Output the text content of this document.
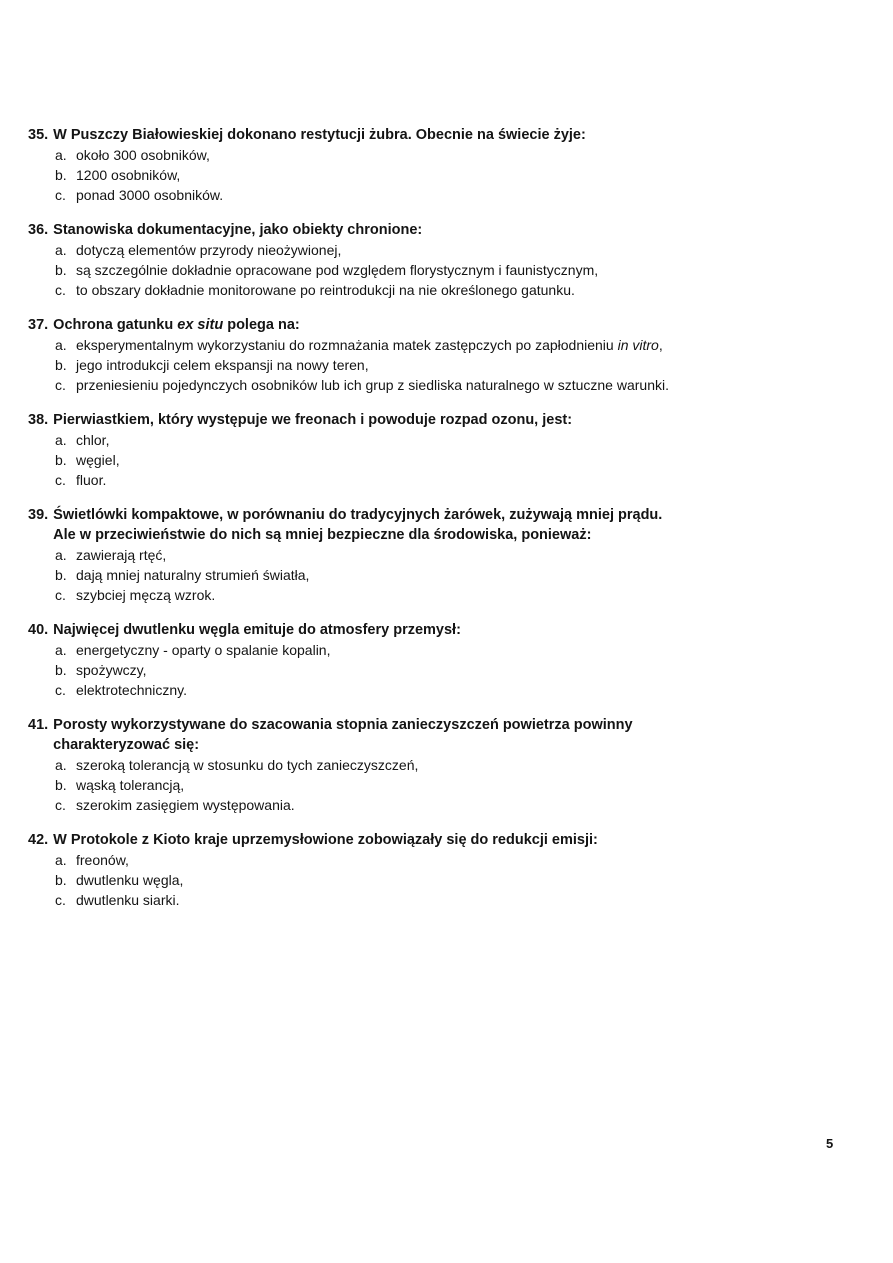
35. W Puszczy Białowieskiej dokonano restytucji żubra. Obecnie na świecie żyje:
a. około 300 osobników,
b. 1200 osobników,
c. ponad 3000 osobników.
36. Stanowiska dokumentacyjne, jako obiekty chronione:
a. dotyczą elementów przyrody nieożywionej,
b. są szczególnie dokładnie opracowane pod względem florystycznym i faunistycznym,
c. to obszary dokładnie monitorowane po reintrodukcji na nie określonego gatunku.
37. Ochrona gatunku ex situ polega na:
a. eksperymentalnym wykorzystaniu do rozmnażania matek zastępczych po zapłodnieniu in vitro,
b. jego introdukcji celem ekspansji na nowy teren,
c. przeniesieniu pojedynczych osobników lub ich grup z siedliska naturalnego w sztuczne warunki.
38. Pierwiastkiem, który występuje we freonach i powoduje rozpad ozonu, jest:
a. chlor,
b. węgiel,
c. fluor.
39. Świetlówki kompaktowe, w porównaniu do tradycyjnych żarówek, zużywają mniej prądu.
Ale w przeciwieństwie do nich są mniej bezpieczne dla środowiska, ponieważ:
a. zawierają rtęć,
b. dają mniej naturalny strumień światła,
c. szybciej męczą wzrok.
40. Najwięcej dwutlenku węgla emituje do atmosfery przemysł:
a. energetyczny - oparty o spalanie kopalin,
b. spożywczy,
c. elektrotechniczny.
41. Porosty wykorzystywane do szacowania stopnia zanieczyszczeń powietrza powinny
charakteryzować się:
a. szeroką tolerancją w stosunku do tych zanieczyszczeń,
b. wąską tolerancją,
c. szerokim zasięgiem występowania.
42. W Protokole z Kioto kraje uprzemysłowione zobowiązały się do redukcji emisji:
a. freonów,
b. dwutlenku węgla,
c. dwutlenku siarki.
5
